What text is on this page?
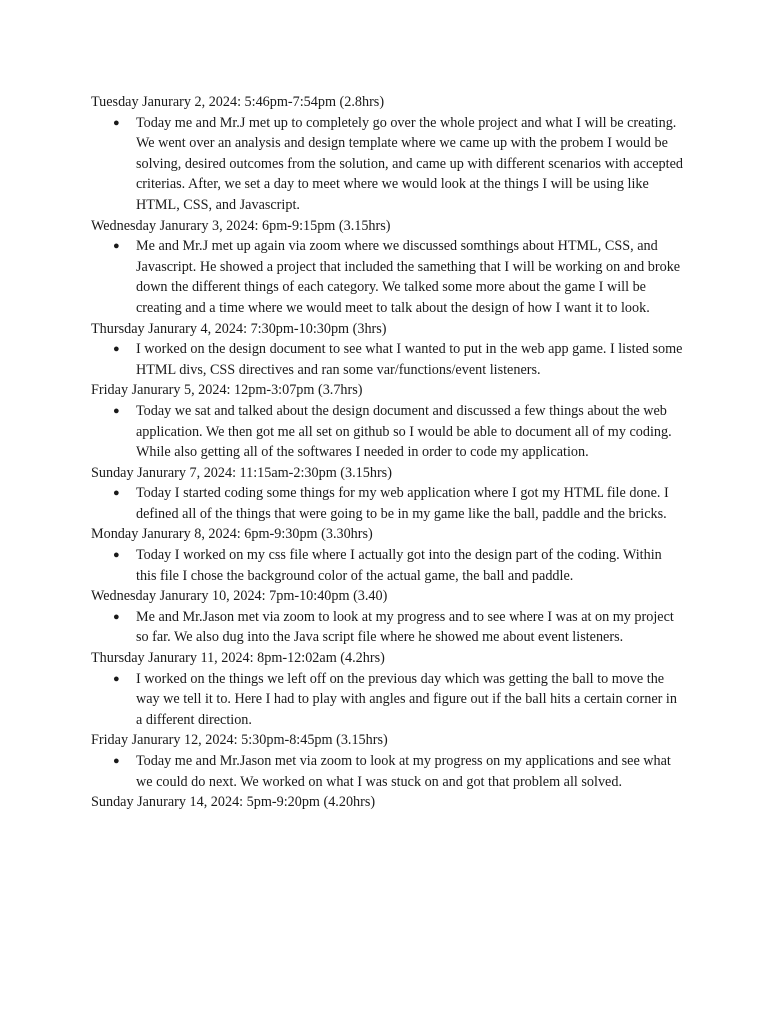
Tuesday Janurary 2, 2024: 5:46pm-7:54pm (2.8hrs)

● Today me and Mr.J met up to completely go over the whole project and what I will be creating. We went over an analysis and design template where we came up with the probem I would be solving, desired outcomes from the solution, and came up with different scenarios with accepted criterias. After, we set a day to meet where we would look at the things I will be using like HTML, CSS, and Javascript.

Wednesday Janurary 3, 2024: 6pm-9:15pm (3.15hrs)

● Me and Mr.J met up again via zoom where we discussed somthings about HTML, CSS, and Javascript. He showed a project that included the samething that I will be working on and broke down the different things of each category. We talked some more about the game I will be creating and a time where we would meet to talk about the design of how I want it to look.

Thursday Janurary 4, 2024: 7:30pm-10:30pm (3hrs)

● I worked on the design document to see what I wanted to put in the web app game. I listed some HTML divs, CSS directives and ran some var/functions/event listeners.

Friday Janurary 5, 2024: 12pm-3:07pm (3.7hrs)

● Today we sat and talked about the design document and discussed a few things about the web application. We then got me all set on github so I would be able to document all of my coding. While also getting all of the softwares I needed in order to code my application.

Sunday Janurary 7, 2024: 11:15am-2:30pm (3.15hrs)

● Today I started coding some things for my web application where I got my HTML file done. I defined all of the things that were going to be in my game like the ball, paddle and the bricks.

Monday Janurary 8, 2024: 6pm-9:30pm (3.30hrs)

● Today I worked on my css file where I actually got into the design part of the coding. Within this file I chose the background color of the actual game, the ball and paddle.

Wednesday Janurary 10, 2024: 7pm-10:40pm (3.40)

● Me and Mr.Jason met via zoom to look at my progress and to see where I was at on my project so far. We also dug into the Java script file where he showed me about event listeners.

Thursday Janurary 11, 2024: 8pm-12:02am (4.2hrs)

● I worked on the things we left off on the previous day which was getting the ball to move the way we tell it to. Here I had to play with angles and figure out if the ball hits a certain corner in a different direction.

Friday Janurary 12, 2024: 5:30pm-8:45pm (3.15hrs)

● Today me and Mr.Jason met via zoom to look at my progress on my applications and see what we could do next. We worked on what I was stuck on and got that problem all solved.

Sunday Janurary 14, 2024: 5pm-9:20pm (4.20hrs)
